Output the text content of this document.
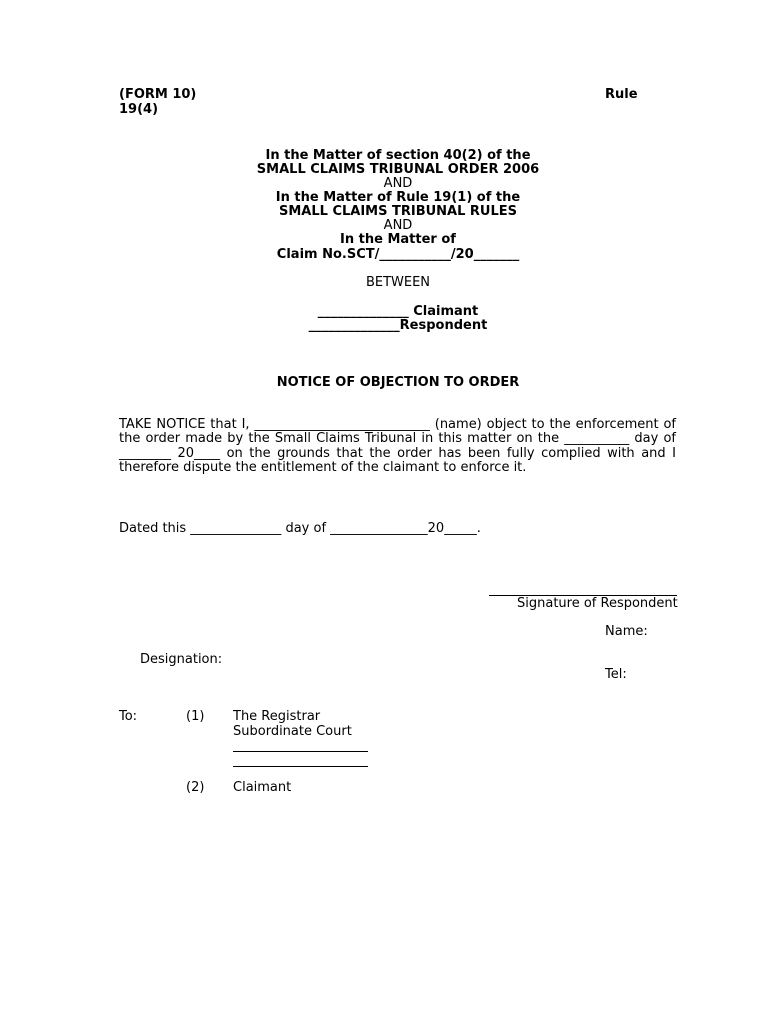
(FORM 10)	Rule
19(4)
In the Matter of section 40(2) of the
SMALL CLAIMS TRIBUNAL ORDER 2006
AND
In the Matter of Rule 19(1) of the
SMALL CLAIMS TRIBUNAL RULES
AND
In the Matter of
Claim No.SCT/___________/20_______
BETWEEN
______________ Claimant
______________Respondent
NOTICE OF OBJECTION TO ORDER
TAKE NOTICE that I, ___________________________ (name) object to the enforcement of the order made by the Small Claims Tribunal in this matter on the __________ day of ________ 20____ on the grounds that the order has been fully complied with and I therefore dispute the entitlement of the claimant to enforce it.
Dated this ______________ day of _______________20_____.
Signature of Respondent
Name:
Designation:
Tel:
To:	(1) The Registrar
Subordinate Court
(2) Claimant
